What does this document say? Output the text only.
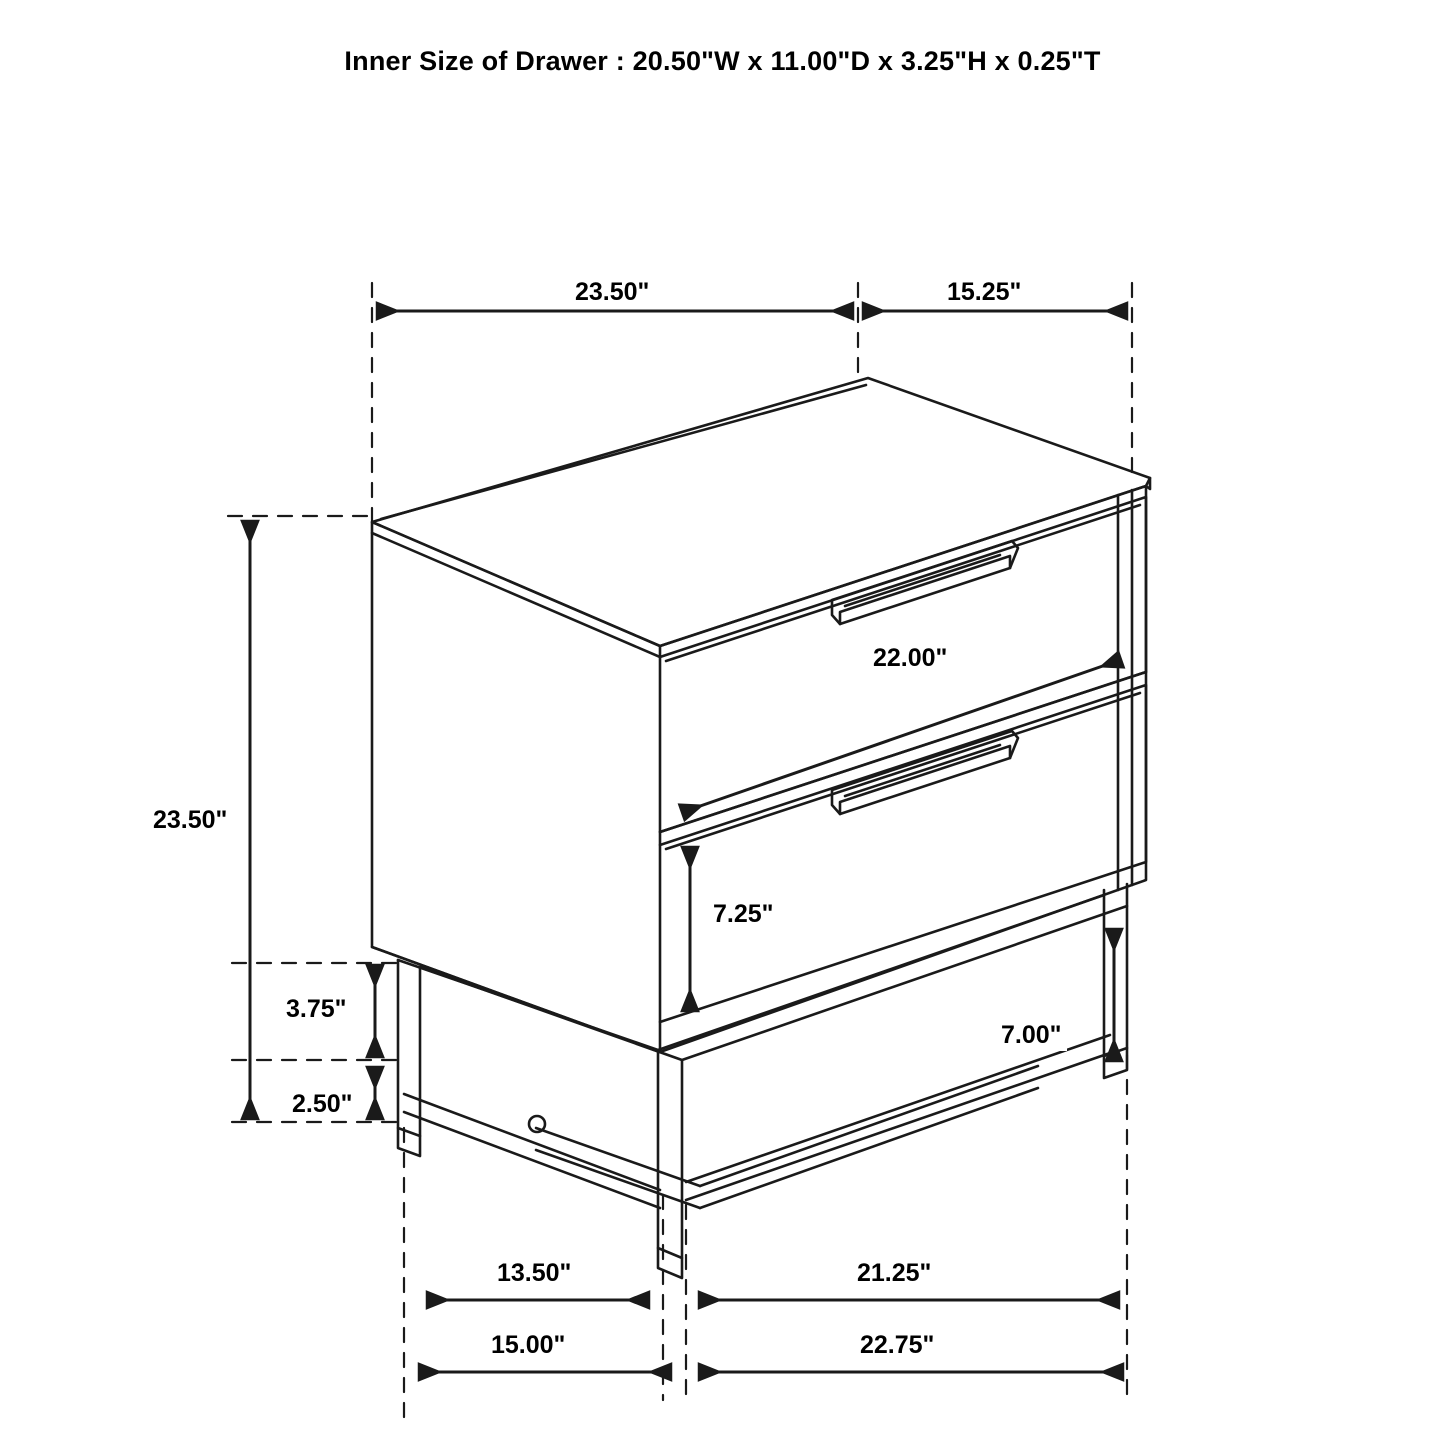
Inner Size of Drawer : 20.50"W x 11.00"D x 3.25"H x 0.25"T
23.50"	15.25"
23.50"
22.00"
7.25"
3.75"
2.50"
7.00"
13.50"	21.25"
15.00"	22.75"
